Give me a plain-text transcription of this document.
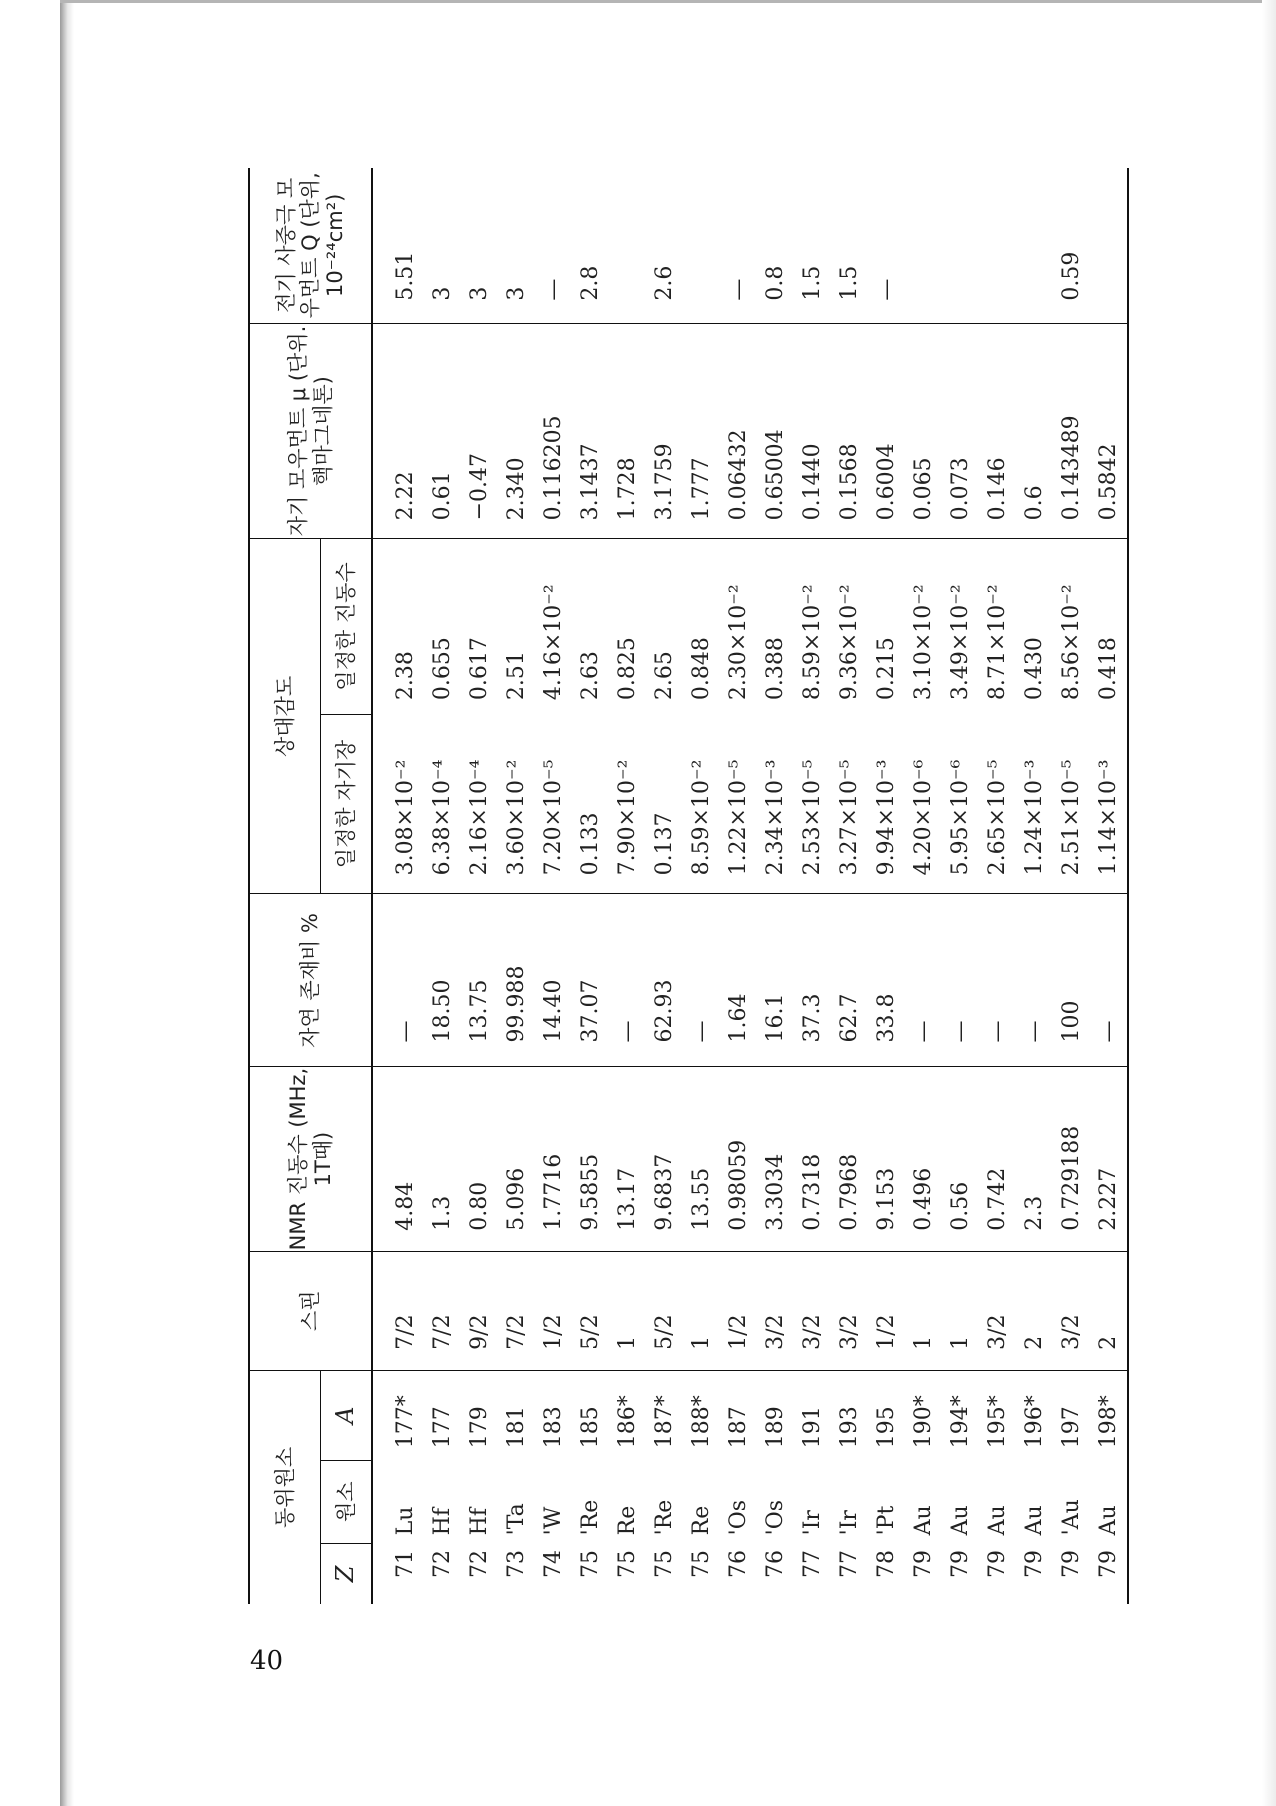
40
동위원소			스핀	NMR 진동수 (MHz, 1T때)	자연 존재비 %	상대감도		자기 모우먼트 μ (단위. 핵마그네톤)	전기 사중극 모우먼트 Q (단위, 10⁻²⁴cm²)
Z	원소	A				일정한 자기장	일정한 진동수		
71	Lu	177*	7/2	4.84	—	3.08×10⁻²	2.38	2.22	5.51
72	Hf	177	7/2	1.3	18.50	6.38×10⁻⁴	0.655	0.61	3
72	Hf	179	9/2	0.80	13.75	2.16×10⁻⁴	0.617	−0.47	3
73	'Ta	181	7/2	5.096	99.988	3.60×10⁻²	2.51	2.340	3
74	'W	183	1/2	1.7716	14.40	7.20×10⁻⁵	4.16×10⁻²	0.116205	—
75	'Re	185	5/2	9.5855	37.07	0.133	2.63	3.1437	2.8
75	Re	186*	1	13.17	—	7.90×10⁻²	0.825	1.728	
75	'Re	187*	5/2	9.6837	62.93	0.137	2.65	3.1759	2.6
75	Re	188*	1	13.55	—	8.59×10⁻²	0.848	1.777	
76	'Os	187	1/2	0.98059	1.64	1.22×10⁻⁵	2.30×10⁻²	0.06432	—
76	'Os	189	3/2	3.3034	16.1	2.34×10⁻³	0.388	0.65004	0.8
77	'Ir	191	3/2	0.7318	37.3	2.53×10⁻⁵	8.59×10⁻²	0.1440	1.5
77	'Ir	193	3/2	0.7968	62.7	3.27×10⁻⁵	9.36×10⁻²	0.1568	1.5
78	'Pt	195	1/2	9.153	33.8	9.94×10⁻³	0.215	0.6004	—
79	Au	190*	1	0.496	—	4.20×10⁻⁶	3.10×10⁻²	0.065	
79	Au	194*	1	0.56	—	5.95×10⁻⁶	3.49×10⁻²	0.073	
79	Au	195*	3/2	0.742	—	2.65×10⁻⁵	8.71×10⁻²	0.146	
79	Au	196*	2	2.3	—	1.24×10⁻³	0.430	0.6	
79	'Au	197	3/2	0.729188	100	2.51×10⁻⁵	8.56×10⁻²	0.143489	0.59
79	Au	198*	2	2.227	—	1.14×10⁻³	0.418	0.5842	
